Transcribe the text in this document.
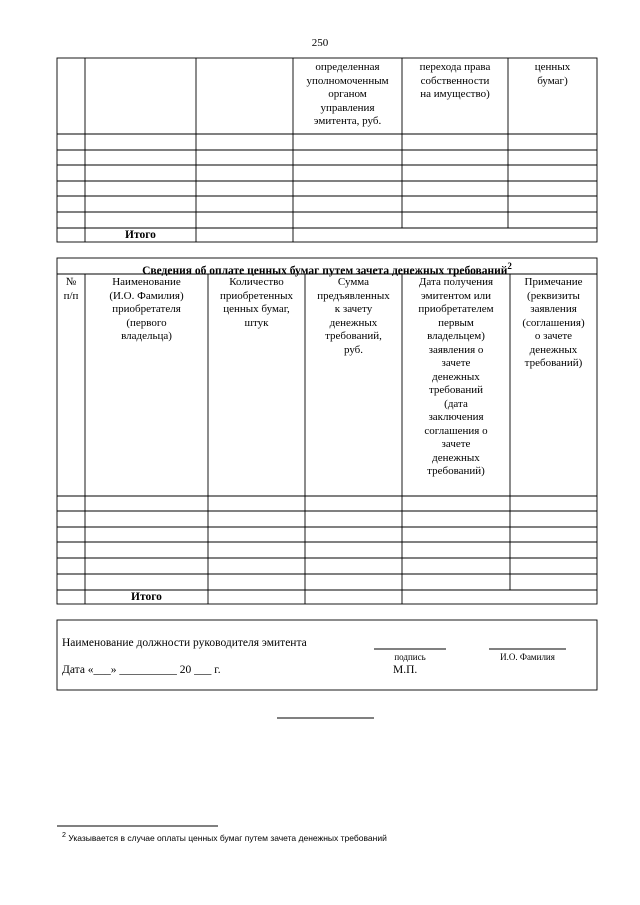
250
определенная
уполномоченным
органом
управления
эмитента, руб.
перехода права
собственности
на имущество)
ценных
бумаг)
Итого
Сведения об оплате ценных бумаг путем зачета денежных требований$^2$
№
п/п
Наименование
(И.О. Фамилия)
приобретателя
(первого
владельца)
Количество
приобретенных
ценных бумаг,
штук
Сумма
предъявленных
к зачету
денежных
требований,
руб.
Дата получения
эмитентом или
приобретателем
первым
владельцем)
заявления о
зачете
денежных
требований
(дата
заключения
соглашения о
зачете
денежных
требований)
Примечание
(реквизиты
заявления
(соглашения)
о зачете
денежных
требований)
Итого
Наименование должности руководителя эмитента
подпись	И.О. Фамилия
Дата «___» __________ 20 ___ г.	М.П.
$^2$ Указывается в случае оплаты ценных бумаг путем зачета денежных требований
